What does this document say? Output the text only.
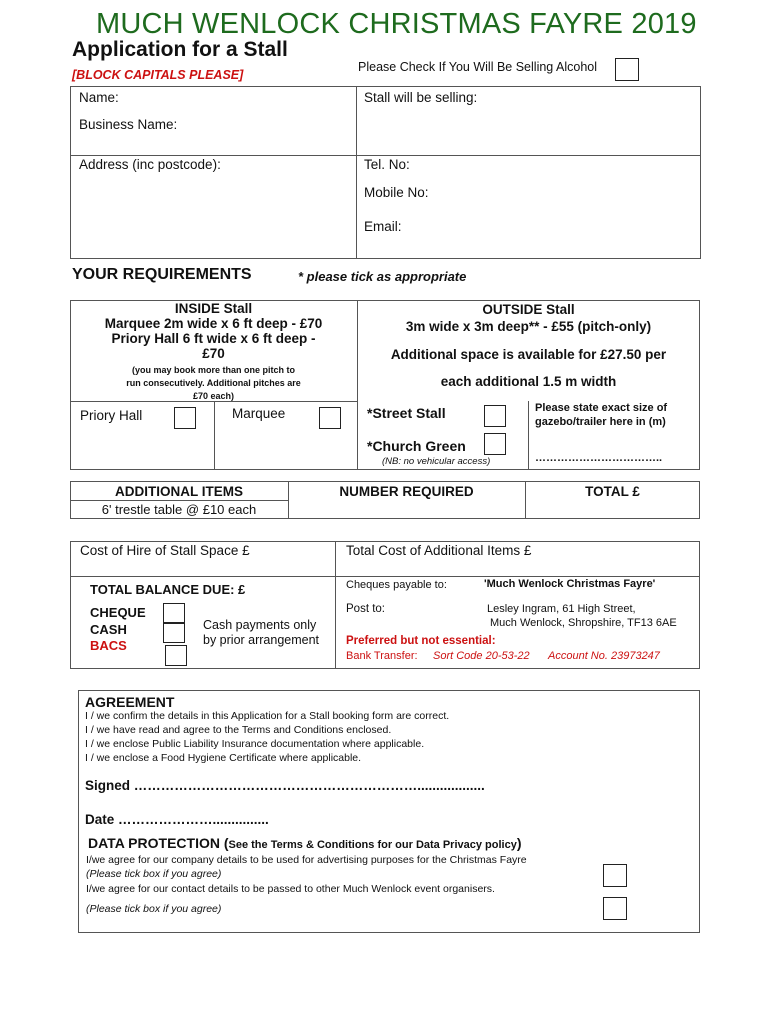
MUCH WENLOCK CHRISTMAS FAYRE 2019
Application for a Stall
[BLOCK CAPITALS PLEASE]
Please Check If You Will Be Selling Alcohol
Name:
Business Name:
Address (inc postcode):
Stall will be selling:
Tel. No:
Mobile No:
Email:
YOUR REQUIREMENTS	* please tick as appropriate
INSIDE Stall
Marquee 2m wide x 6 ft deep - £70
Priory Hall 6 ft wide x 6 ft deep -
£70
(you may book more than one pitch to
run consecutively. Additional pitches are
£70 each)
Priory Hall	Marquee
OUTSIDE Stall
3m wide x 3m deep** - £55 (pitch-only)
Additional space is available for £27.50 per
each additional 1.5 m width
*Street Stall
*Church Green
(NB: no vehicular access)
Please state exact size of
gazebo/trailer here in (m)
……………………………..
ADDITIONAL ITEMS	NUMBER REQUIRED	TOTAL £
6' trestle table @ £10 each
Cost of Hire of Stall Space £	Total Cost of Additional Items £
TOTAL BALANCE DUE: £
CHEQUE
CASH
BACS
Cash payments only
by prior arrangement
Cheques payable to:	'Much Wenlock Christmas Fayre'
Post to:	Lesley Ingram, 61 High Street,
Much Wenlock, Shropshire, TF13 6AE
Preferred but not essential:
Bank Transfer: Sort Code 20-53-22 Account No. 23973247
AGREEMENT
I / we confirm the details in this Application for a Stall booking form are correct.
I / we have read and agree to the Terms and Conditions enclosed.
I / we enclose Public Liability Insurance documentation where applicable.
I / we enclose a Food Hygiene Certificate where applicable.
Signed ………………………………………………………..................
Date …………………...............
DATA PROTECTION (See the Terms & Conditions for our Data Privacy policy)
I/we agree for our company details to be used for advertising purposes for the Christmas Fayre
(Please tick box if you agree)
I/we agree for our contact details to be passed to other Much Wenlock event organisers.
(Please tick box if you agree)
